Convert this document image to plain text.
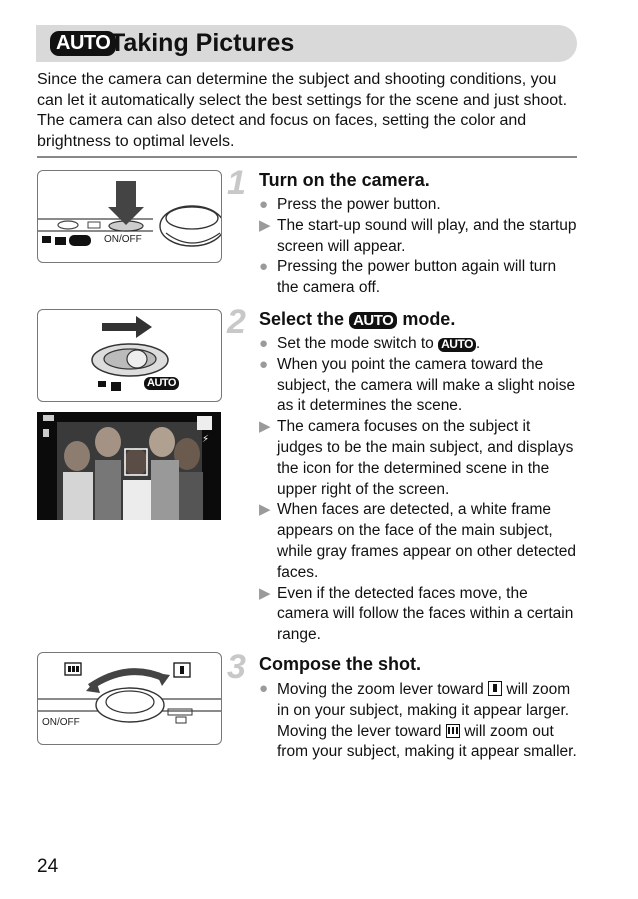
AUTO Taking Pictures
Since the camera can determine the subject and shooting conditions, you can let it automatically select the best settings for the scene and just shoot. The camera can also detect and focus on faces, setting the color and brightness to optimal levels.
ON/OFF
1 Turn on the camera.
● Press the power button.
▶ The start-up sound will play, and the startup screen will appear.
● Pressing the power button again will turn the camera off.
AUTO
⚡
2 Select the AUTO mode.
● Set the mode switch to AUTO .
● When you point the camera toward the subject, the camera will make a slight noise as it determines the scene.
▶ The camera focuses on the subject it judges to be the main subject, and displays the icon for the determined scene in the upper right of the screen.
▶ When faces are detected, a white frame appears on the face of the main subject, while gray frames appear on other detected faces.
▶ Even if the detected faces move, the camera will follow the faces within a certain range.
ON/OFF
3 Compose the shot.
● Moving the zoom lever toward will zoom in on your subject, making it appear larger. Moving the lever toward will zoom out from your subject, making it appear smaller.
24
